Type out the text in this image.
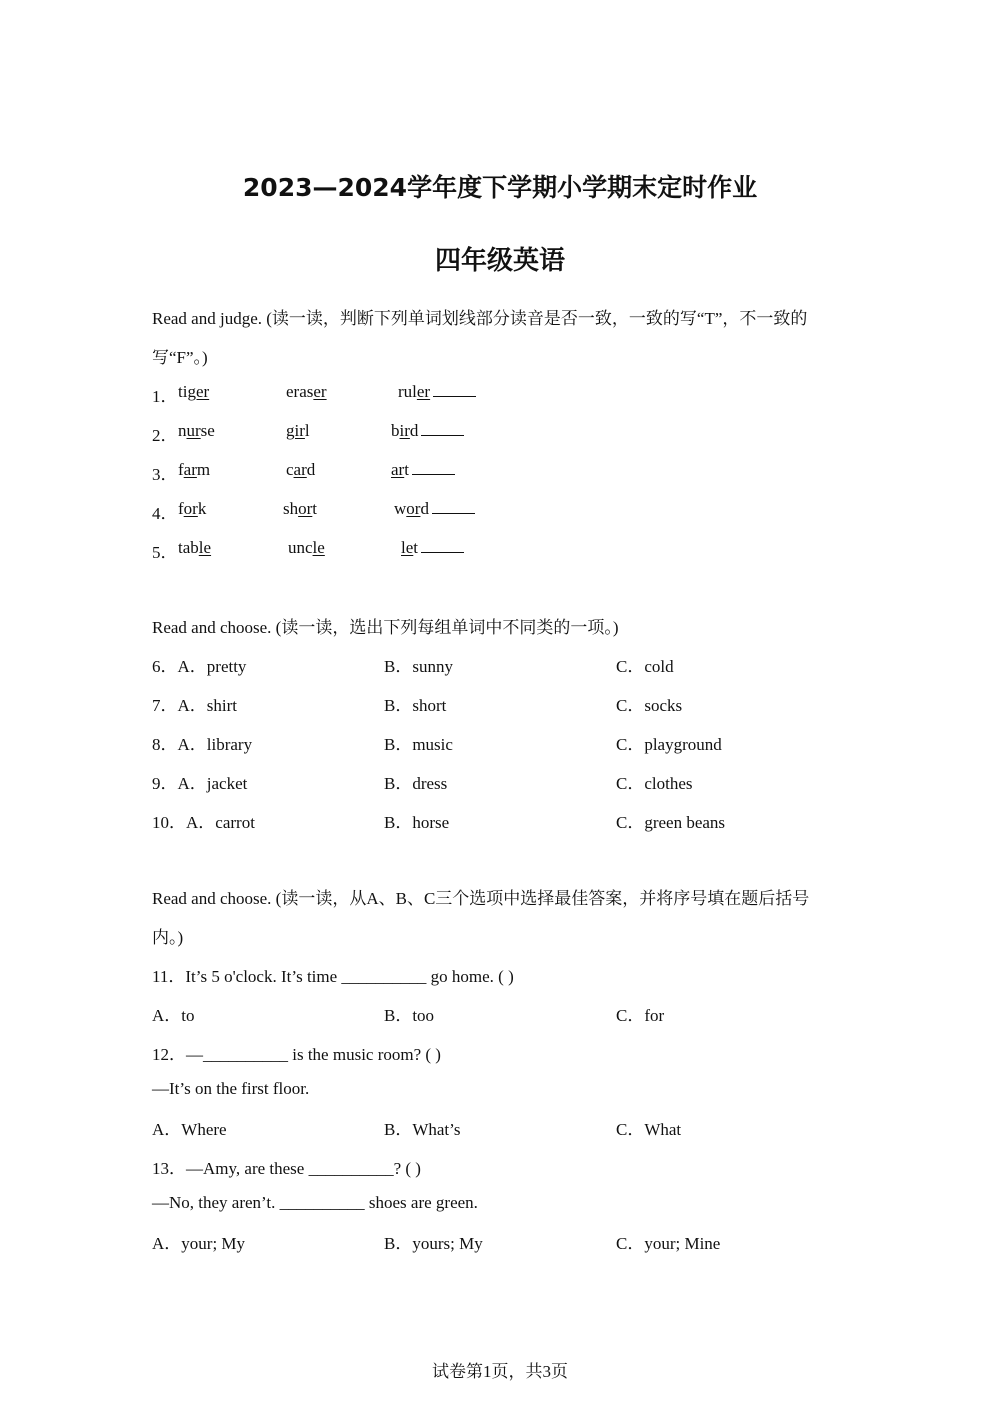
2023—2024学年度下学期小学期末定时作业
四年级英语
Read and judge. (读一读，判断下列单词划线部分读音是否一致，一致的写“T”，不一致的
写“F”。)
1． tiger	eraser	ruler
2． nurse	girl	bird
3． farm	card	art
4． fork	short	word
5． table	uncle	let
Read and choose. (读一读，选出下列每组单词中不同类的一项。)
6．A．pretty	B．sunny	C．cold
7．A．shirt	B．short	C．socks
8．A．library	B．music	C．playground
9．A．jacket	B．dress	C．clothes
10．A．carrot	B．horse	C．green beans
Read and choose. (读一读，从A、B、C三个选项中选择最佳答案，并将序号填在题后括号
内。)
11．It’s 5 o'clock. It’s time __________ go home. ( )
A．to	B．too	C．for
12．—__________ is the music room? ( )
—It’s on the first floor.
A．Where	B．What’s	C．What
13．—Amy, are these __________? ( )
—No, they aren’t. __________ shoes are green.
A．your; My	B．yours; My	C．your; Mine
试卷第1页，共3页
